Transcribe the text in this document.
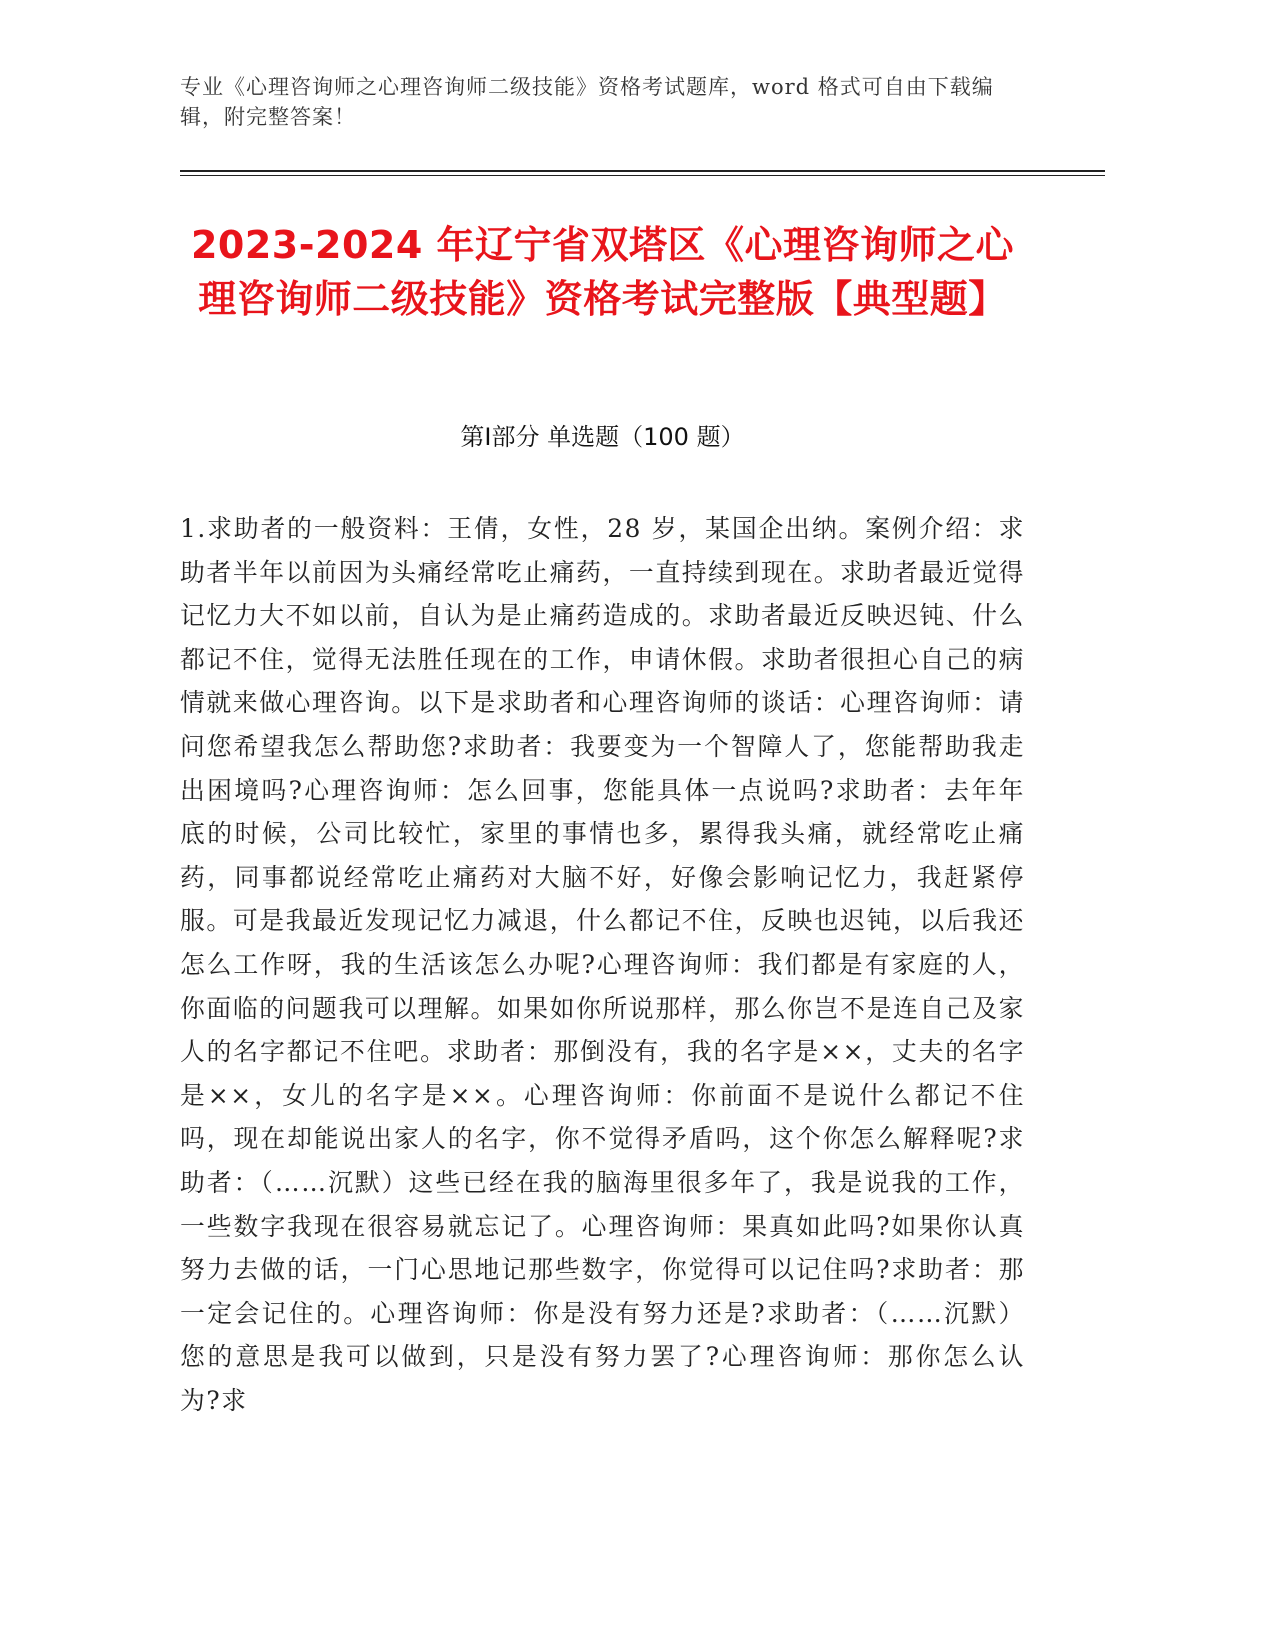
专业《心理咨询师之心理咨询师二级技能》资格考试题库，word 格式可自由下载编辑，附完整答案！
2023-2024 年辽宁省双塔区《心理咨询师之心理咨询师二级技能》资格考试完整版【典型题】
第Ⅰ部分 单选题（100 题）
1.求助者的一般资料：王倩，女性，28 岁，某国企出纳。案例介绍：求助者半年以前因为头痛经常吃止痛药，一直持续到现在。求助者最近觉得记忆力大不如以前，自认为是止痛药造成的。求助者最近反映迟钝、什么都记不住，觉得无法胜任现在的工作，申请休假。求助者很担心自己的病情就来做心理咨询。以下是求助者和心理咨询师的谈话：心理咨询师：请问您希望我怎么帮助您?求助者：我要变为一个智障人了，您能帮助我走出困境吗?心理咨询师：怎么回事，您能具体一点说吗?求助者：去年年底的时候，公司比较忙，家里的事情也多，累得我头痛，就经常吃止痛药，同事都说经常吃止痛药对大脑不好，好像会影响记忆力，我赶紧停服。可是我最近发现记忆力减退，什么都记不住，反映也迟钝，以后我还怎么工作呀，我的生活该怎么办呢?心理咨询师：我们都是有家庭的人，你面临的问题我可以理解。如果如你所说那样，那么你岂不是连自己及家人的名字都记不住吧。求助者：那倒没有，我的名字是××，丈夫的名字是××，女儿的名字是××。心理咨询师：你前面不是说什么都记不住吗，现在却能说出家人的名字，你不觉得矛盾吗，这个你怎么解释呢?求助者：（……沉默）这些已经在我的脑海里很多年了，我是说我的工作，一些数字我现在很容易就忘记了。心理咨询师：果真如此吗?如果你认真努力去做的话，一门心思地记那些数字，你觉得可以记住吗?求助者：那一定会记住的。心理咨询师：你是没有努力还是?求助者：（……沉默）您的意思是我可以做到，只是没有努力罢了?心理咨询师：那你怎么认为?求
